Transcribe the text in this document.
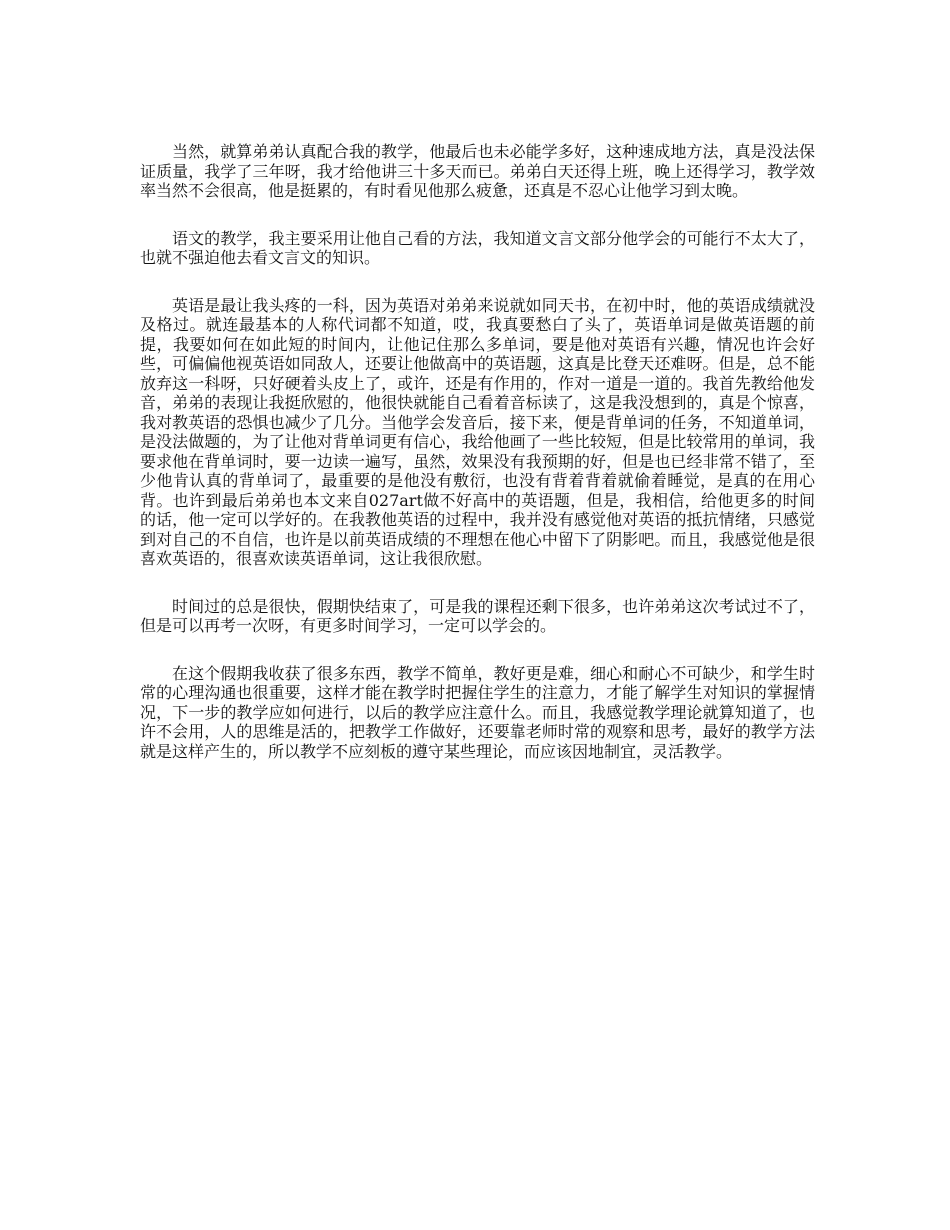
当然，就算弟弟认真配合我的教学，他最后也未必能学多好，这种速成地方法，真是没法保证质量，我学了三年呀，我才给他讲三十多天而已。弟弟白天还得上班，晚上还得学习，教学效率当然不会很高，他是挺累的，有时看见他那么疲惫，还真是不忍心让他学习到太晚。

语文的教学，我主要采用让他自己看的方法，我知道文言文部分他学会的可能行不太大了，也就不强迫他去看文言文的知识。

英语是最让我头疼的一科，因为英语对弟弟来说就如同天书，在初中时，他的英语成绩就没及格过。就连最基本的人称代词都不知道，哎，我真要愁白了头了，英语单词是做英语题的前提，我要如何在如此短的时间内，让他记住那么多单词，要是他对英语有兴趣，情况也许会好些，可偏偏他视英语如同敌人，还要让他做高中的英语题，这真是比登天还难呀。但是，总不能放弃这一科呀，只好硬着头皮上了，或许，还是有作用的，作对一道是一道的。我首先教给他发音，弟弟的表现让我挺欣慰的，他很快就能自己看着音标读了，这是我没想到的，真是个惊喜，我对教英语的恐惧也减少了几分。当他学会发音后，接下来，便是背单词的任务，不知道单词，是没法做题的，为了让他对背单词更有信心，我给他画了一些比较短，但是比较常用的单词，我要求他在背单词时，要一边读一遍写，虽然，效果没有我预期的好，但是也已经非常不错了，至少他肯认真的背单词了，最重要的是他没有敷衍，也没有背着背着就偷着睡觉，是真的在用心背。也许到最后弟弟也本文来自027art做不好高中的英语题，但是，我相信，给他更多的时间的话，他一定可以学好的。在我教他英语的过程中，我并没有感觉他对英语的抵抗情绪，只感觉到对自己的不自信，也许是以前英语成绩的不理想在他心中留下了阴影吧。而且，我感觉他是很喜欢英语的，很喜欢读英语单词，这让我很欣慰。

时间过的总是很快，假期快结束了，可是我的课程还剩下很多，也许弟弟这次考试过不了，但是可以再考一次呀，有更多时间学习，一定可以学会的。

在这个假期我收获了很多东西，教学不简单，教好更是难，细心和耐心不可缺少，和学生时常的心理沟通也很重要，这样才能在教学时把握住学生的注意力，才能了解学生对知识的掌握情况，下一步的教学应如何进行，以后的教学应注意什么。而且，我感觉教学理论就算知道了，也许不会用，人的思维是活的，把教学工作做好，还要靠老师时常的观察和思考，最好的教学方法就是这样产生的，所以教学不应刻板的遵守某些理论，而应该因地制宜，灵活教学。
